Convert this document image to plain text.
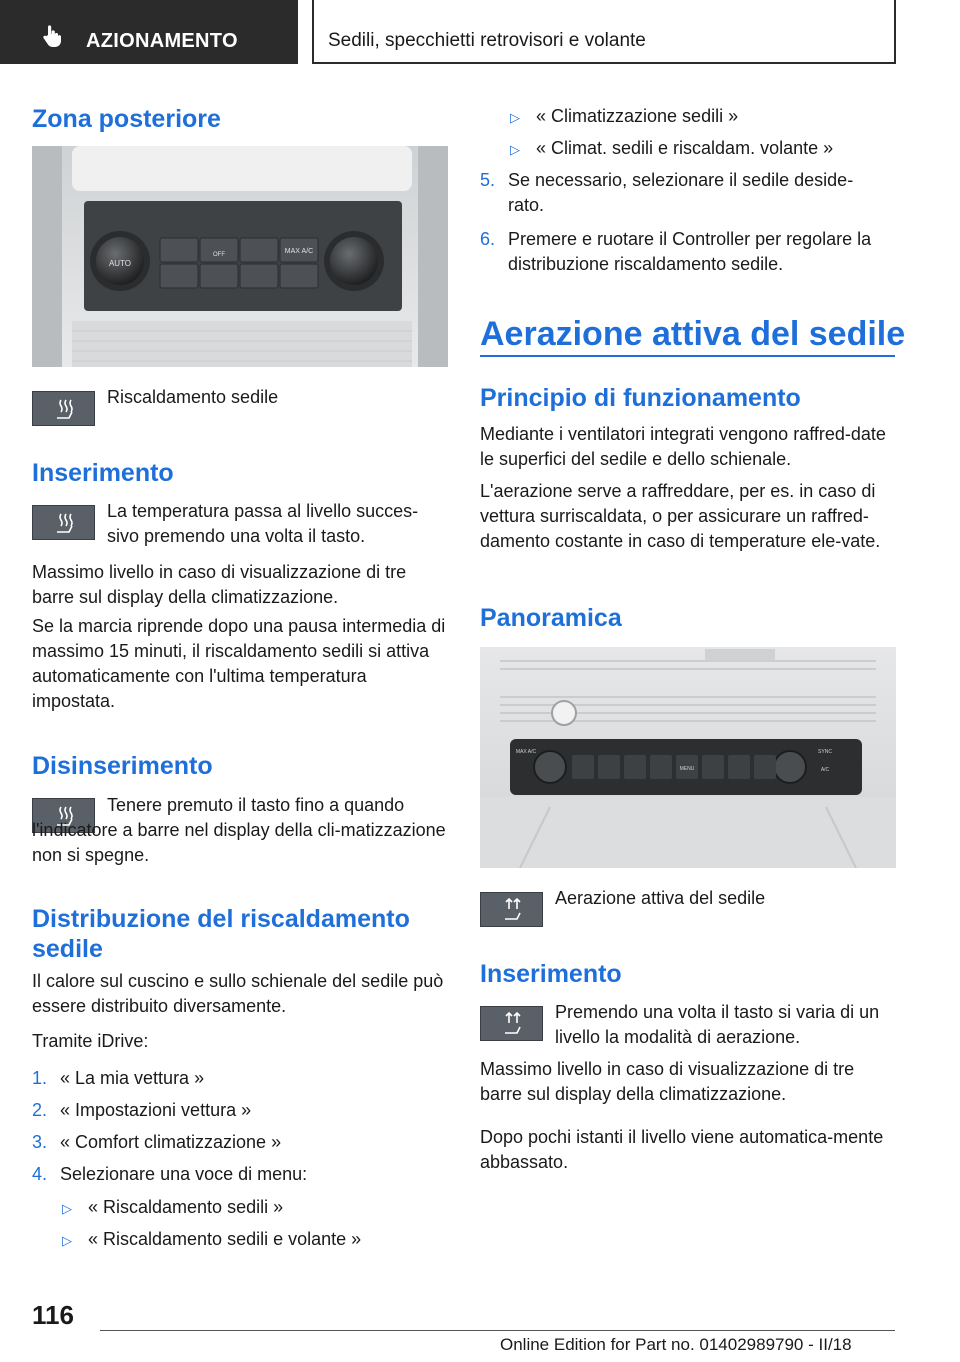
AZIONAMENTO	Sedili, specchietti retrovisori e volante
Zona posteriore
AUTO
MAX A/C
OFF
Riscaldamento sedile
Inserimento
La temperatura passa al livello succes-
sivo premendo una volta il tasto.
Massimo livello in caso di visualizzazione di tre barre sul display della climatizzazione.
Se la marcia riprende dopo una pausa intermedia di massimo 15 minuti, il riscaldamento sedili si attiva automaticamente con l'ultima temperatura impostata.
Disinserimento
Tenere premuto il tasto fino a quando l'indicatore a barre nel display della cli-matizzazione non si spegne.
Distribuzione del riscaldamento sedile
Il calore sul cuscino e sullo schienale del sedile può essere distribuito diversamente.
Tramite iDrive:
1. « La mia vettura »
2. « Impostazioni vettura »
3. « Comfort climatizzazione »
4. Selezionare una voce di menu:
▷ « Riscaldamento sedili »
▷ « Riscaldamento sedili e volante »
▷ « Climatizzazione sedili »
▷ « Climat. sedili e riscaldam. volante »
5. Se necessario, selezionare il sedile deside-
rato.
6. Premere e ruotare il Controller per regolare la distribuzione riscaldamento sedile.
Aerazione attiva del sedile
Principio di funzionamento
Mediante i ventilatori integrati vengono raffred-date le superfici del sedile e dello schienale.
L'aerazione serve a raffreddare, per es. in caso di vettura surriscaldata, o per assicurare un raffred-damento costante in caso di temperature ele-vate.
Panoramica
MAX A/C	SYNC
A/C
MENU
Aerazione attiva del sedile
Inserimento
Premendo una volta il tasto si varia di un livello la modalità di aerazione.
Massimo livello in caso di visualizzazione di tre barre sul display della climatizzazione.
Dopo pochi istanti il livello viene automatica-mente abbassato.
116
Online Edition for Part no. 01402989790 - II/18
